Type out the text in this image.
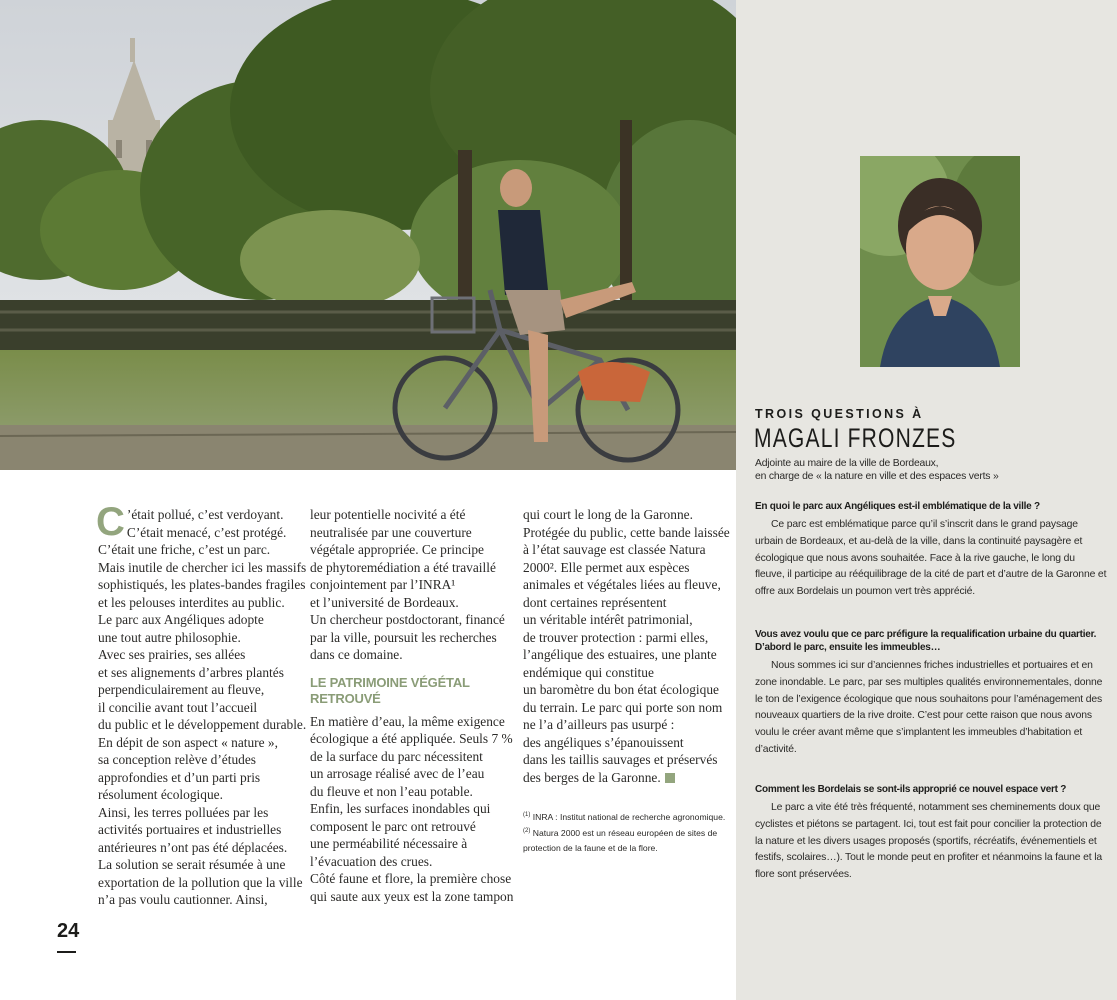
C ’était pollué, c’est verdoyant.
C’était menacé, c’est protégé.
C’était une friche, c’est un parc.
Mais inutile de chercher ici les massifs
sophistiqués, les plates-bandes fragiles
et les pelouses interdites au public.
Le parc aux Angéliques adopte
une tout autre philosophie.
Avec ses prairies, ses allées
et ses alignements d’arbres plantés
perpendiculairement au fleuve,
il concilie avant tout l’accueil
du public et le développement durable.
En dépit de son aspect « nature »,
sa conception relève d’études
approfondies et d’un parti pris
résolument écologique.
Ainsi, les terres polluées par les
activités portuaires et industrielles
antérieures n’ont pas été déplacées.
La solution se serait résumée à une
exportation de la pollution que la ville
n’a pas voulu cautionner. Ainsi,
leur potentielle nocivité a été
neutralisée par une couverture
végétale appropriée. Ce principe
de phytoremédiation a été travaillé
conjointement par l’INRA¹
et l’université de Bordeaux.
Un chercheur postdoctorant, financé
par la ville, poursuit les recherches
dans ce domaine.
LE PATRIMOINE VÉGÉTAL
RETROUVÉ
En matière d’eau, la même exigence
écologique a été appliquée. Seuls 7 %
de la surface du parc nécessitent
un arrosage réalisé avec de l’eau
du fleuve et non l’eau potable.
Enfin, les surfaces inondables qui
composent le parc ont retrouvé
une perméabilité nécessaire à
l’évacuation des crues.
Côté faune et flore, la première chose
qui saute aux yeux est la zone tampon
qui court le long de la Garonne.
Protégée du public, cette bande laissée
à l’état sauvage est classée Natura
2000². Elle permet aux espèces
animales et végétales liées au fleuve,
dont certaines représentent
un véritable intérêt patrimonial,
de trouver protection : parmi elles,
l’angélique des estuaires, une plante
endémique qui constitue
un baromètre du bon état écologique
du terrain. Le parc qui porte son nom
ne l’a d’ailleurs pas usurpé :
des angéliques s’épanouissent
dans les taillis sauvages et préservés
des berges de la Garonne.
$^{(1)}$ INRA : Institut national de recherche agronomique.
$^{(2)}$ Natura 2000 est un réseau européen de sites de protection de la faune et de la flore.
24
TROIS QUESTIONS À
MAGALI FRONZES
Adjointe au maire de la ville de Bordeaux,
en charge de « la nature en ville et des espaces verts »
En quoi le parc aux Angéliques est-il emblématique de la ville ?
Ce parc est emblématique parce qu’il s’inscrit dans le grand paysage urbain de Bordeaux, et au-delà de la ville, dans la continuité paysagère et écologique que nous avons souhaitée. Face à la rive gauche, le long du fleuve, il participe au rééquilibrage de la cité de part et d’autre de la Garonne et offre aux Bordelais un poumon vert très apprécié.
Vous avez voulu que ce parc préfigure la requalification urbaine du quartier. D’abord le parc, ensuite les immeubles…
Nous sommes ici sur d’anciennes friches industrielles et portuaires et en zone inondable. Le parc, par ses multiples qualités environnementales, donne le ton de l’exigence écologique que nous souhaitons pour l’aménagement des nouveaux quartiers de la rive droite. C’est pour cette raison que nous avons voulu le créer avant même que s’implantent les immeubles d’habitation et d’activité.
Comment les Bordelais se sont-ils approprié ce nouvel espace vert ?
Le parc a vite été très fréquenté, notamment ses cheminements doux que cyclistes et piétons se partagent. Ici, tout est fait pour concilier la protection de la nature et les divers usages proposés (sportifs, récréatifs, événementiels et festifs, scolaires…). Tout le monde peut en profiter et néanmoins la faune et la flore sont préservées.
